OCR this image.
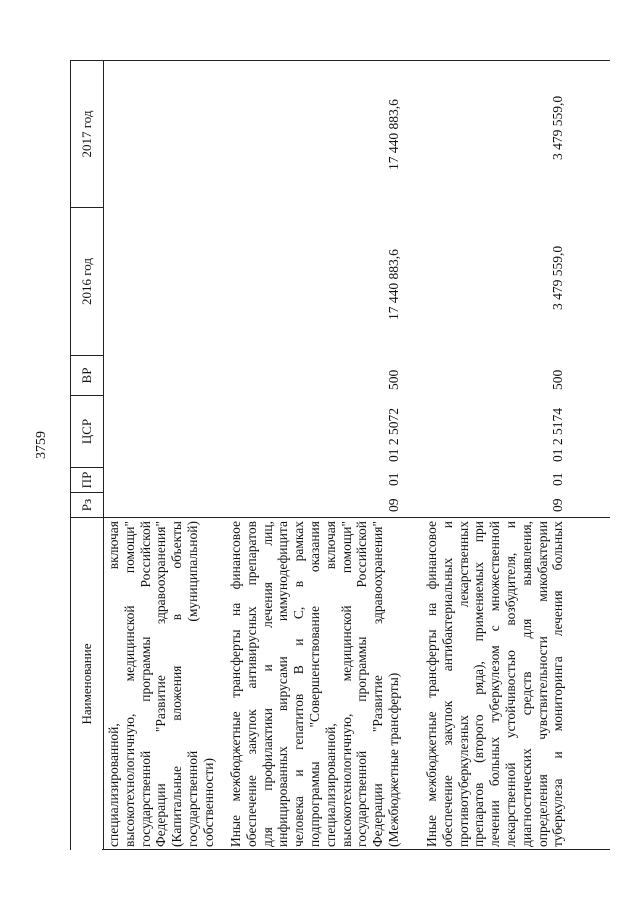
3759
Наименование
Рз
ПР
ЦСР
ВР
2016 год
2017 год
специализированной, включая высокотехнологичную, медицинской помощи" государственной программы Российской Федерации "Развитие здравоохранения" (Капитальные вложения в объекты государственной (муниципальной) собственности) Иные межбюджетные трансферты на финансовое обеспечение закупок антивирусных препаратов для профилактики и лечения лиц, инфицированных вирусами иммунодефицита человека и гепатитов B и C, в рамках подпрограммы "Совершенствование оказания специализированной, включая высокотехнологичную, медицинской помощи" государственной программы Российской Федерации "Развитие здравоохранения" (Межбюджетные трансферты)
09
01
01 2 5072
500
17 440 883,6
17 440 883,6
Иные межбюджетные трансферты на финансовое обеспечение закупок антибактериальных и противотуберкулезных лекарственных препаратов (второго ряда), применяемых при лечении больных туберкулезом с множественной лекарственной устойчивостью возбудителя, и диагностических средств для выявления, определения чувствительности микобактерии туберкулеза и мониторинга лечения больных
09
01
01 2 5174
500
3 479 559,0
3 479 559,0
